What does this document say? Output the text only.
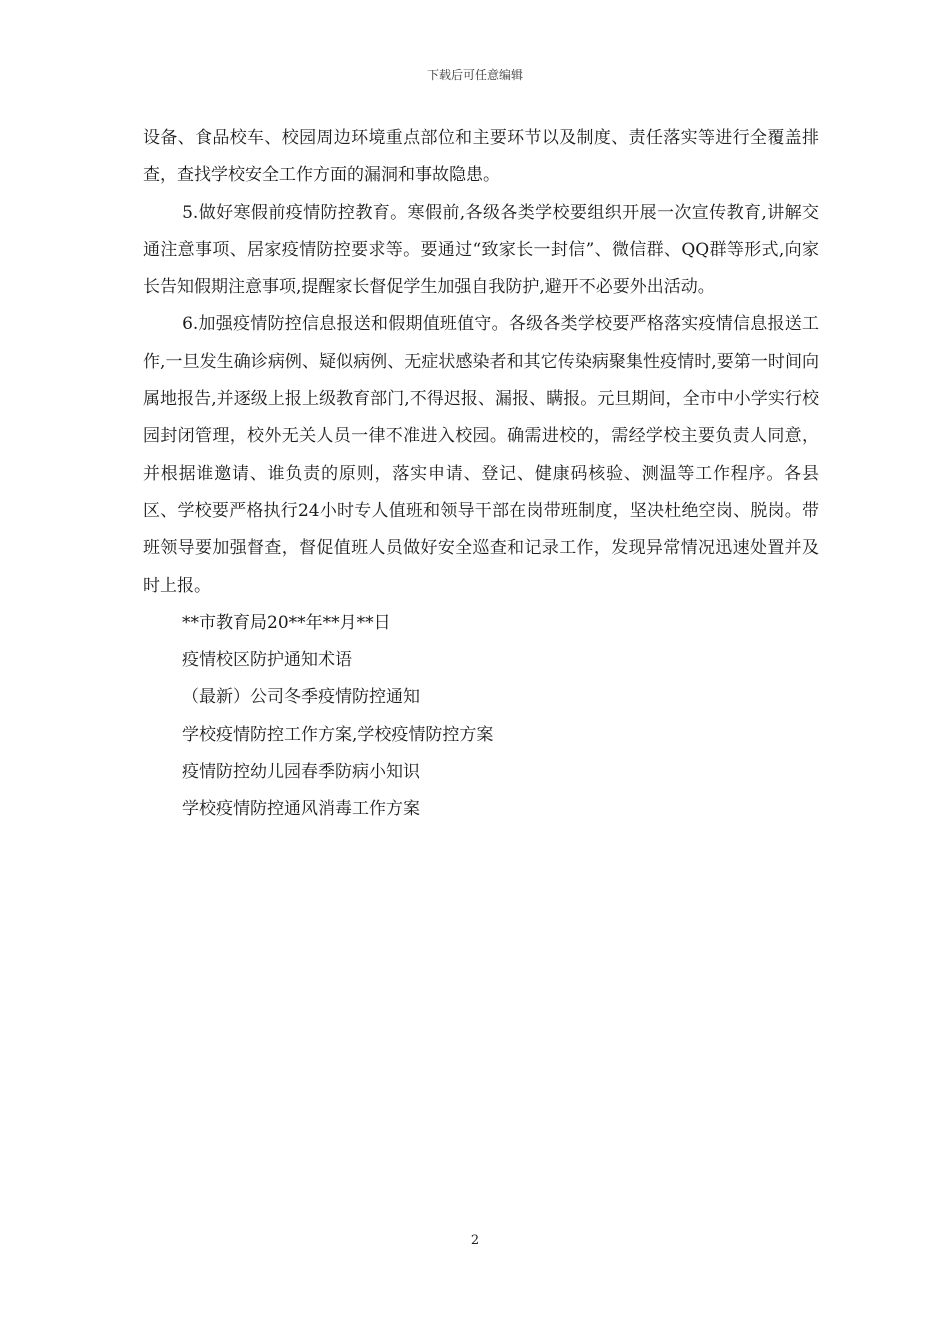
下载后可任意编辑

设备、食品校车、校园周边环境重点部位和主要环节以及制度、责任落实等进行全覆盖排查，查找学校安全工作方面的漏洞和事故隐患。

5.做好寒假前疫情防控教育。寒假前,各级各类学校要组织开展一次宣传教育,讲解交通注意事项、居家疫情防控要求等。要通过“致家长一封信”、微信群、QQ群等形式,向家长告知假期注意事项,提醒家长督促学生加强自我防护,避开不必要外出活动。

6.加强疫情防控信息报送和假期值班值守。各级各类学校要严格落实疫情信息报送工作,一旦发生确诊病例、疑似病例、无症状感染者和其它传染病聚集性疫情时,要第一时间向属地报告,并逐级上报上级教育部门,不得迟报、漏报、瞒报。元旦期间，全市中小学实行校园封闭管理，校外无关人员一律不准进入校园。确需进校的，需经学校主要负责人同意，并根据谁邀请、谁负责的原则，落实申请、登记、健康码核验、测温等工作程序。各县区、学校要严格执行24小时专人值班和领导干部在岗带班制度，坚决杜绝空岗、脱岗。带班领导要加强督查，督促值班人员做好安全巡查和记录工作，发现异常情况迅速处置并及时上报。

**市教育局20**年**月**日

疫情校区防护通知术语

（最新）公司冬季疫情防控通知

学校疫情防控工作方案,学校疫情防控方案

疫情防控幼儿园春季防病小知识

学校疫情防控通风消毒工作方案

2
